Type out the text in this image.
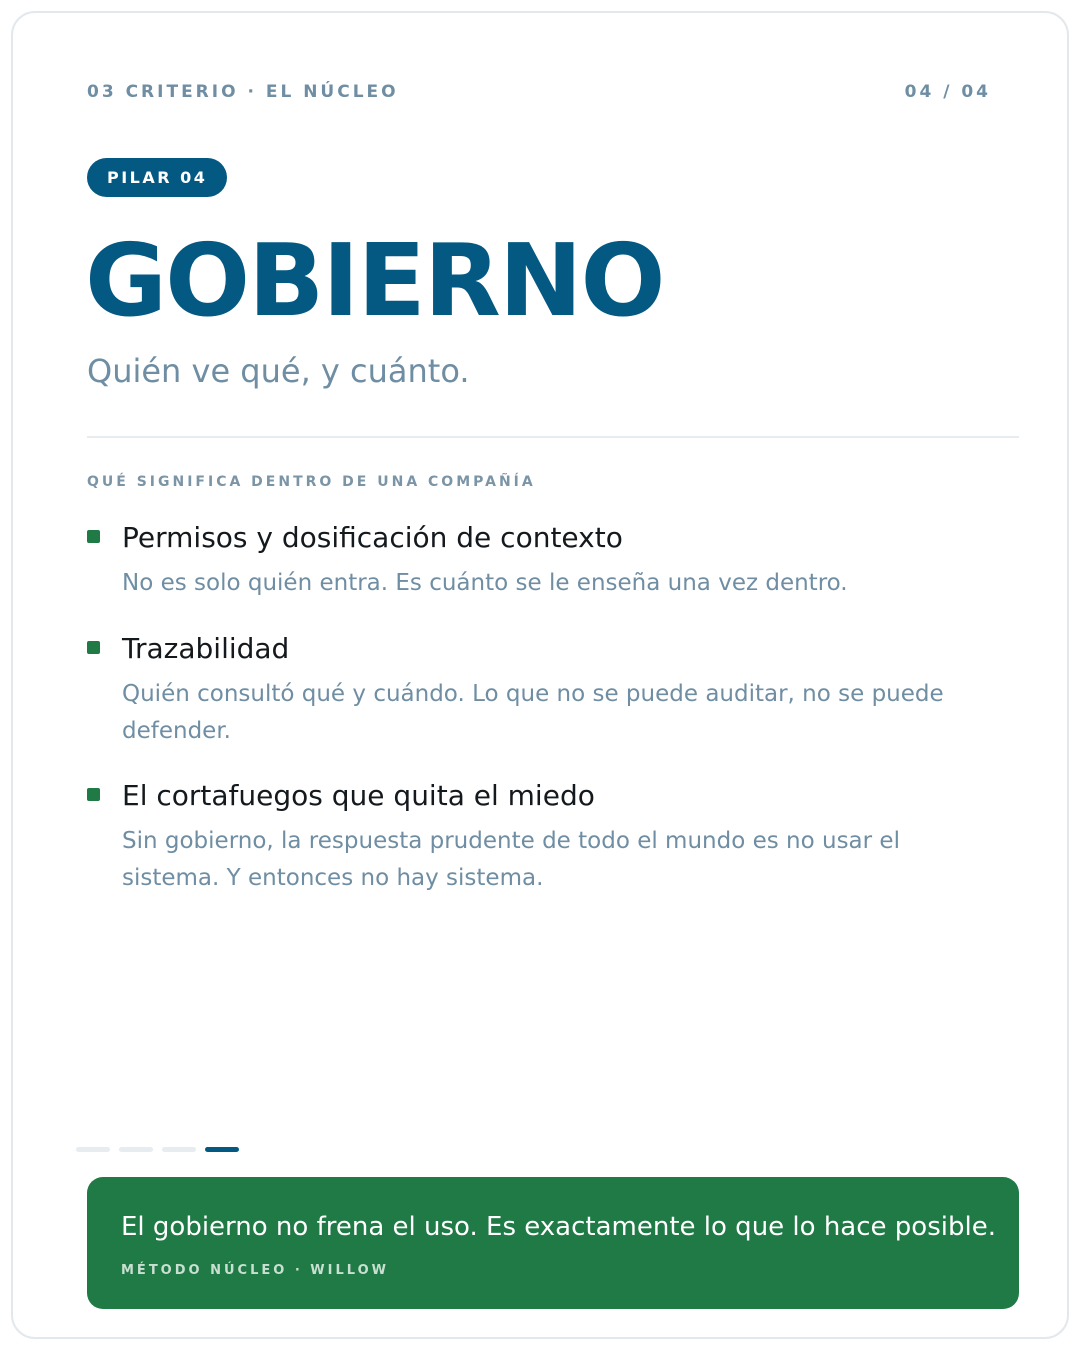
03 CRITERIO · EL NÚCLEO	04 / 04
PILAR 04
GOBIERNO
Quién ve qué, y cuánto.
QUÉ SIGNIFICA DENTRO DE UNA COMPAÑÍA
Permisos y dosificación de contexto
No es solo quién entra. Es cuánto se le enseña una vez dentro.
Trazabilidad
Quién consultó qué y cuándo. Lo que no se puede auditar, no se puede defender.
El cortafuegos que quita el miedo
Sin gobierno, la respuesta prudente de todo el mundo es no usar el sistema. Y entonces no hay sistema.
El gobierno no frena el uso. Es exactamente lo que lo hace posible.
MÉTODO NÚCLEO · WILLOW
